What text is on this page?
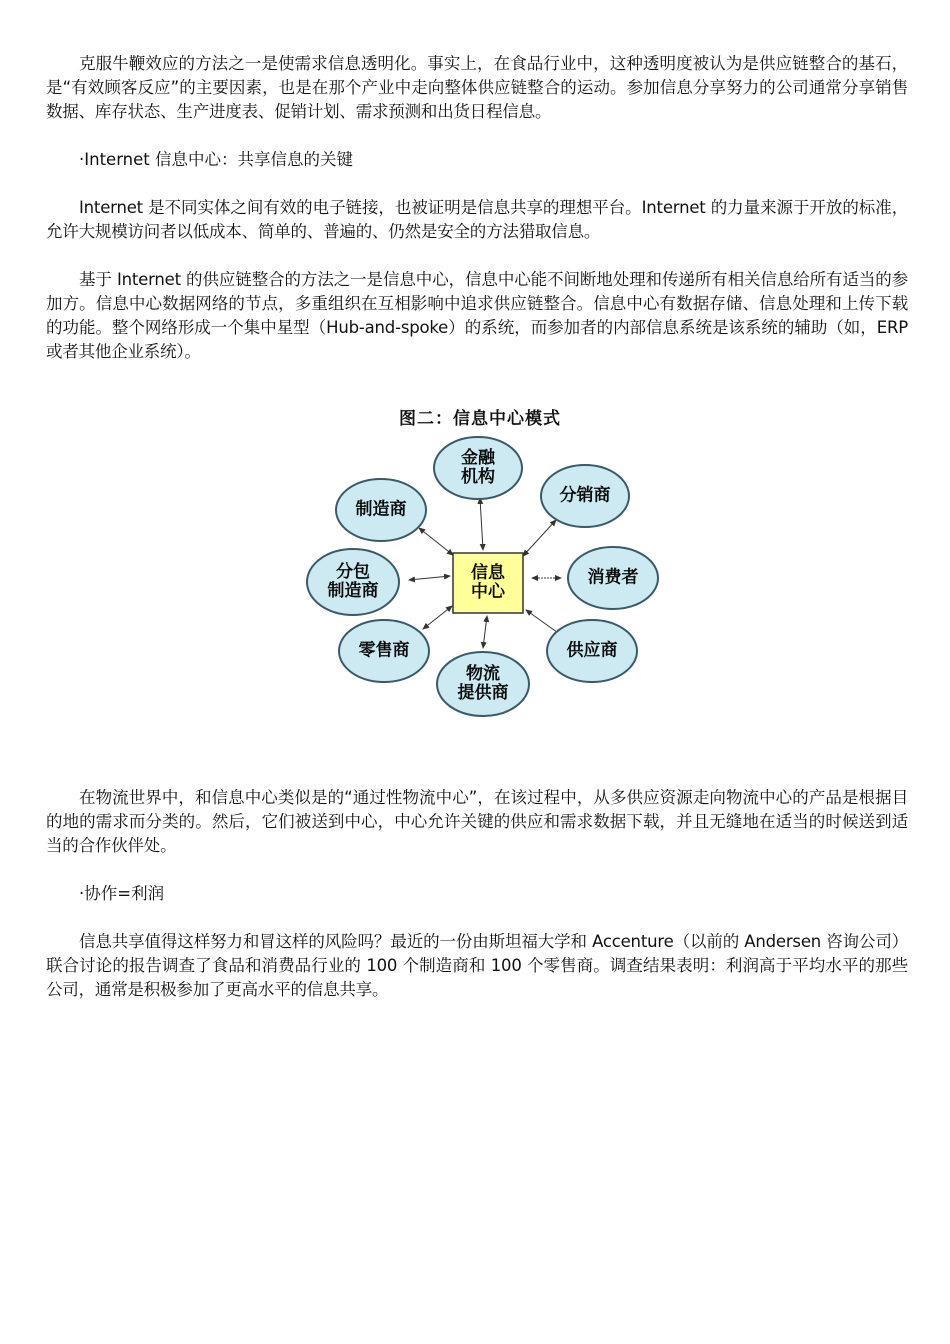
克服牛鞭效应的方法之一是使需求信息透明化。事实上，在食品行业中，这种透明度被认为是供应链整合的基石，是“有效顾客反应”的主要因素，也是在那个产业中走向整体供应链整合的运动。参加信息分享努力的公司通常分享销售数据、库存状态、生产进度表、促销计划、需求预测和出货日程信息。

·Internet 信息中心：共享信息的关键

Internet 是不同实体之间有效的电子链接，也被证明是信息共享的理想平台。Internet 的力量来源于开放的标准，允许大规模访问者以低成本、简单的、普遍的、仍然是安全的方法猎取信息。

基于 Internet 的供应链整合的方法之一是信息中心，信息中心能不间断地处理和传递所有相关信息给所有适当的参加方。信息中心数据网络的节点，多重组织在互相影响中追求供应链整合。信息中心有数据存储、信息处理和上传下载的功能。整个网络形成一个集中星型（Hub-and-spoke）的系统，而参加者的内部信息系统是该系统的辅助（如，ERP 或者其他企业系统）。

图二：信息中心模式

信息
中心
金融
机构
分销商
消费者
供应商
物流
提供商
零售商
分包
制造商
制造商

在物流世界中，和信息中心类似是的“通过性物流中心”，在该过程中，从多供应资源走向物流中心的产品是根据目的地的需求而分类的。然后，它们被送到中心，中心允许关键的供应和需求数据下载，并且无缝地在适当的时候送到适当的合作伙伴处。

·协作=利润

信息共享值得这样努力和冒这样的风险吗？最近的一份由斯坦福大学和 Accenture（以前的 Andersen 咨询公司）联合讨论的报告调查了食品和消费品行业的 100 个制造商和 100 个零售商。调查结果表明：利润高于平均水平的那些公司，通常是积极参加了更高水平的信息共享。
